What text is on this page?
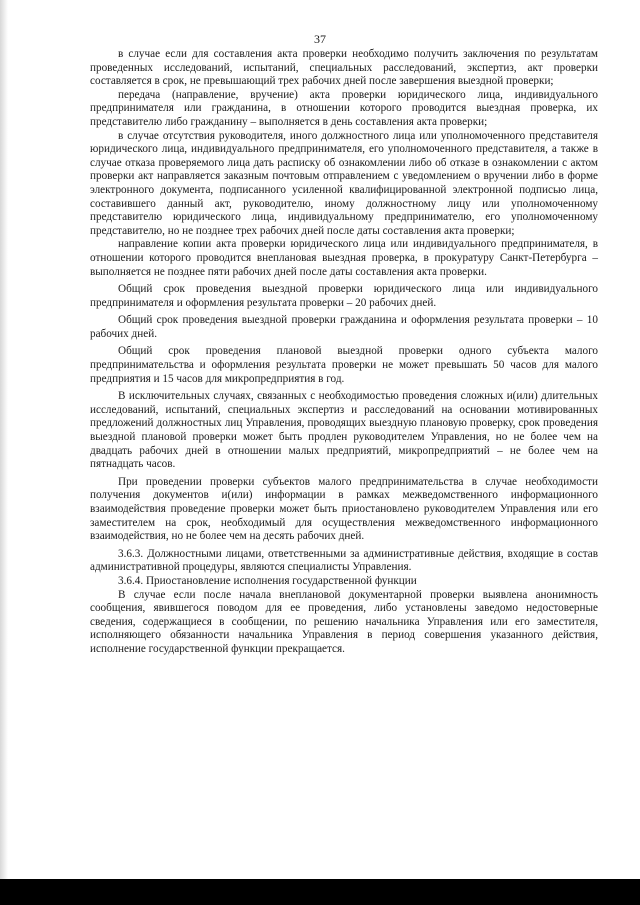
37

в случае если для составления акта проверки необходимо получить заключения по результатам проведенных исследований, испытаний, специальных расследований, экспертиз, акт проверки составляется в срок, не превышающий трех рабочих дней после завершения выездной проверки;

передача (направление, вручение) акта проверки юридического лица, индивидуального предпринимателя или гражданина, в отношении которого проводится выездная проверка, их представителю либо гражданину – выполняется в день составления акта проверки;

в случае отсутствия руководителя, иного должностного лица или уполномоченного представителя юридического лица, индивидуального предпринимателя, его уполномоченного представителя, а также в случае отказа проверяемого лица дать расписку об ознакомлении либо об отказе в ознакомлении с актом проверки акт направляется заказным почтовым отправлением с уведомлением о вручении либо в форме электронного документа, подписанного усиленной квалифицированной электронной подписью лица, составившего данный акт, руководителю, иному должностному лицу или уполномоченному представителю юридического лица, индивидуальному предпринимателю, его уполномоченному представителю, но не позднее трех рабочих дней после даты составления акта проверки;

направление копии акта проверки юридического лица или индивидуального предпринимателя, в отношении которого проводится внеплановая выездная проверка, в прокуратуру Санкт-Петербурга – выполняется не позднее пяти рабочих дней после даты составления акта проверки.

Общий срок проведения выездной проверки юридического лица или индивидуального предпринимателя и оформления результата проверки – 20 рабочих дней.

Общий срок проведения выездной проверки гражданина и оформления результата проверки – 10 рабочих дней.

Общий срок проведения плановой выездной проверки одного субъекта малого предпринимательства и оформления результата проверки не может превышать 50 часов для малого предприятия и 15 часов для микропредприятия в год.

В исключительных случаях, связанных с необходимостью проведения сложных и(или) длительных исследований, испытаний, специальных экспертиз и расследований на основании мотивированных предложений должностных лиц Управления, проводящих выездную плановую проверку, срок проведения выездной плановой проверки может быть продлен руководителем Управления, но не более чем на двадцать рабочих дней в отношении малых предприятий, микропредприятий – не более чем на пятнадцать часов.

При проведении проверки субъектов малого предпринимательства в случае необходимости получения документов и(или) информации в рамках межведомственного информационного взаимодействия проведение проверки может быть приостановлено руководителем Управления или его заместителем на срок, необходимый для осуществления межведомственного информационного взаимодействия, но не более чем на десять рабочих дней.

3.6.3. Должностными лицами, ответственными за административные действия, входящие в состав административной процедуры, являются специалисты Управления.

3.6.4. Приостановление исполнения государственной функции

В случае если после начала внеплановой документарной проверки выявлена анонимность сообщения, явившегося поводом для ее проведения, либо установлены заведомо недостоверные сведения, содержащиеся в сообщении, по решению начальника Управления или его заместителя, исполняющего обязанности начальника Управления в период совершения указанного действия, исполнение государственной функции прекращается.
